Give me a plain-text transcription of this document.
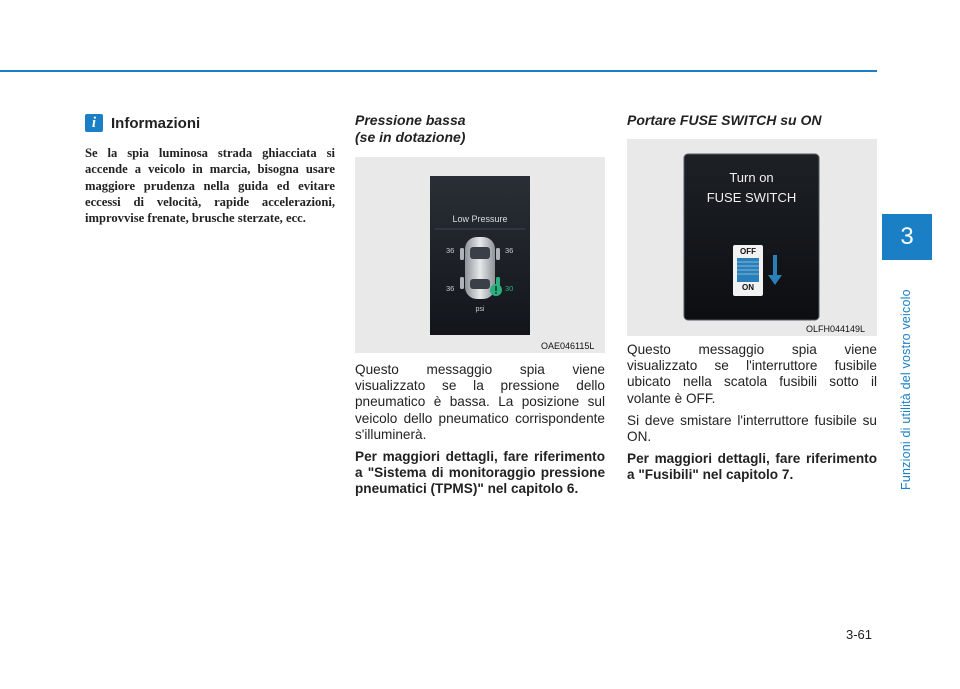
3
Funzioni di utilità del vostro veicolo
i Informazioni
Se la spia luminosa strada ghiacciata si accende a veicolo in marcia, bisogna usare maggiore prudenza nella guida ed evitare eccessi di velocità, rapide accelerazioni, improvvise frenate, brusche sterzate, ecc.
Pressione bassa
(se in dotazione)
Low Pressure
36	36
36	30
psi
OAE046115L

Questo messaggio spia viene visualizzato se la pressione dello pneumatico è bassa. La posizione sul veicolo dello pneumatico corrispondente s'illuminerà.

Per maggiori dettagli, fare riferimento a "Sistema di monitoraggio pressione pneumatici (TPMS)" nel capitolo 6.

Portare FUSE SWITCH su ON
Turn on
FUSE SWITCH
OFF
ON
OLFH044149L

Questo messaggio spia viene visualizzato se l'interruttore fusibile ubicato nella scatola fusibili sotto il volante è OFF.

Si deve smistare l'interruttore fusibile su ON.

Per maggiori dettagli, fare riferimento a "Fusibili" nel capitolo 7.

3-61
